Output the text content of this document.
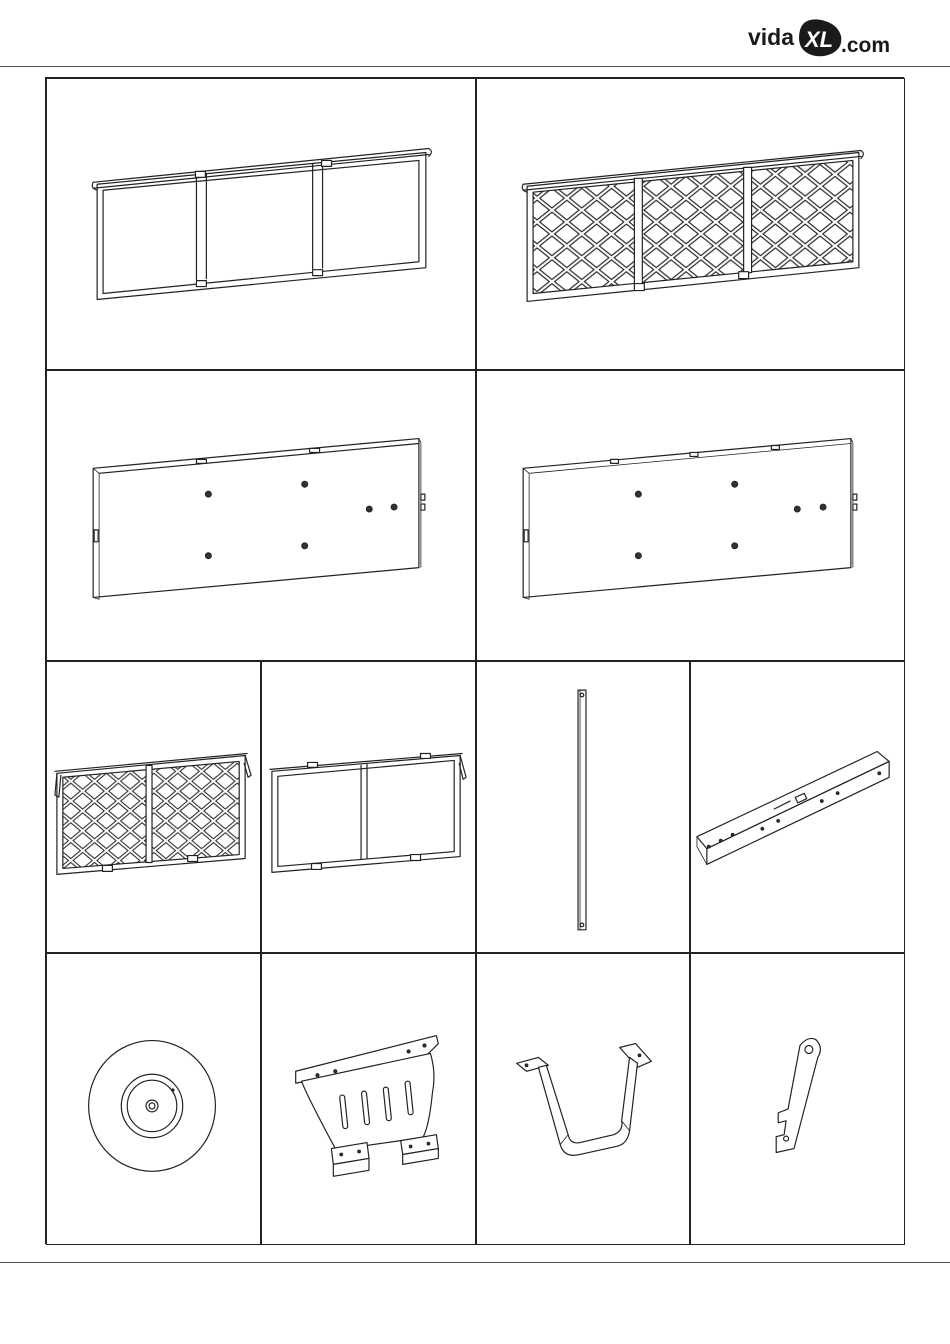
vida XL .com
